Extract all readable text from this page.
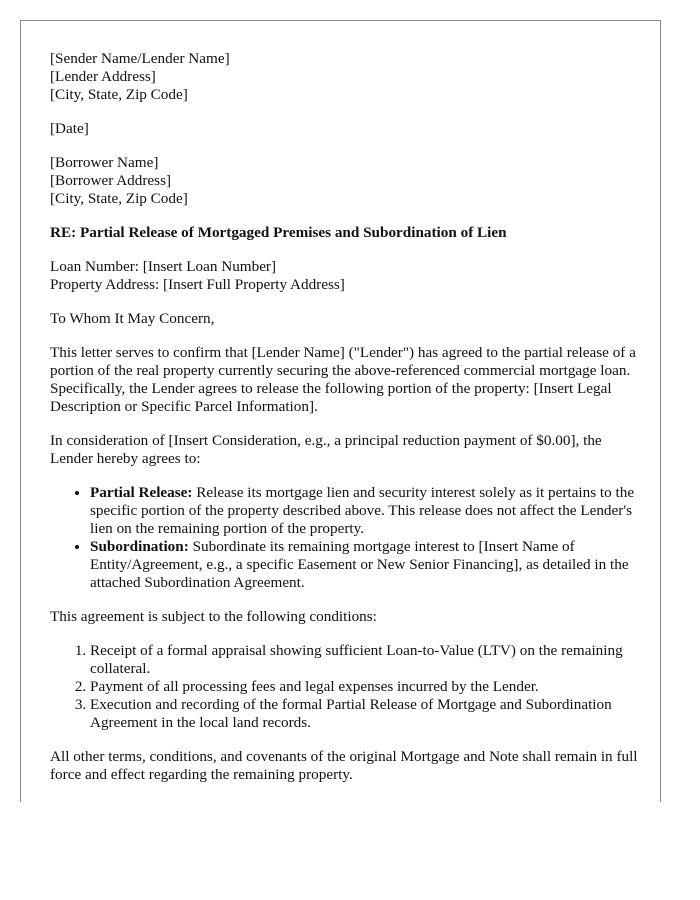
[Sender Name/Lender Name]
[Lender Address]
[City, State, Zip Code]
[Date]
[Borrower Name]
[Borrower Address]
[City, State, Zip Code]
RE: Partial Release of Mortgaged Premises and Subordination of Lien
Loan Number: [Insert Loan Number]
Property Address: [Insert Full Property Address]

To Whom It May Concern,

This letter serves to confirm that [Lender Name] ("Lender") has agreed to the partial release of a portion of the real property currently securing the above-referenced commercial mortgage loan. Specifically, the Lender agrees to release the following portion of the property: [Insert Legal Description or Specific Parcel Information].

In consideration of [Insert Consideration, e.g., a principal reduction payment of $0.00], the Lender hereby agrees to:

• Partial Release: Release its mortgage lien and security interest solely as it pertains to the specific portion of the property described above. This release does not affect the Lender's lien on the remaining portion of the property.
• Subordination: Subordinate its remaining mortgage interest to [Insert Name of Entity/Agreement, e.g., a specific Easement or New Senior Financing], as detailed in the attached Subordination Agreement.

This agreement is subject to the following conditions:

1. Receipt of a formal appraisal showing sufficient Loan-to-Value (LTV) on the remaining collateral.
2. Payment of all processing fees and legal expenses incurred by the Lender.
3. Execution and recording of the formal Partial Release of Mortgage and Subordination Agreement in the local land records.

All other terms, conditions, and covenants of the original Mortgage and Note shall remain in full force and effect regarding the remaining property.
